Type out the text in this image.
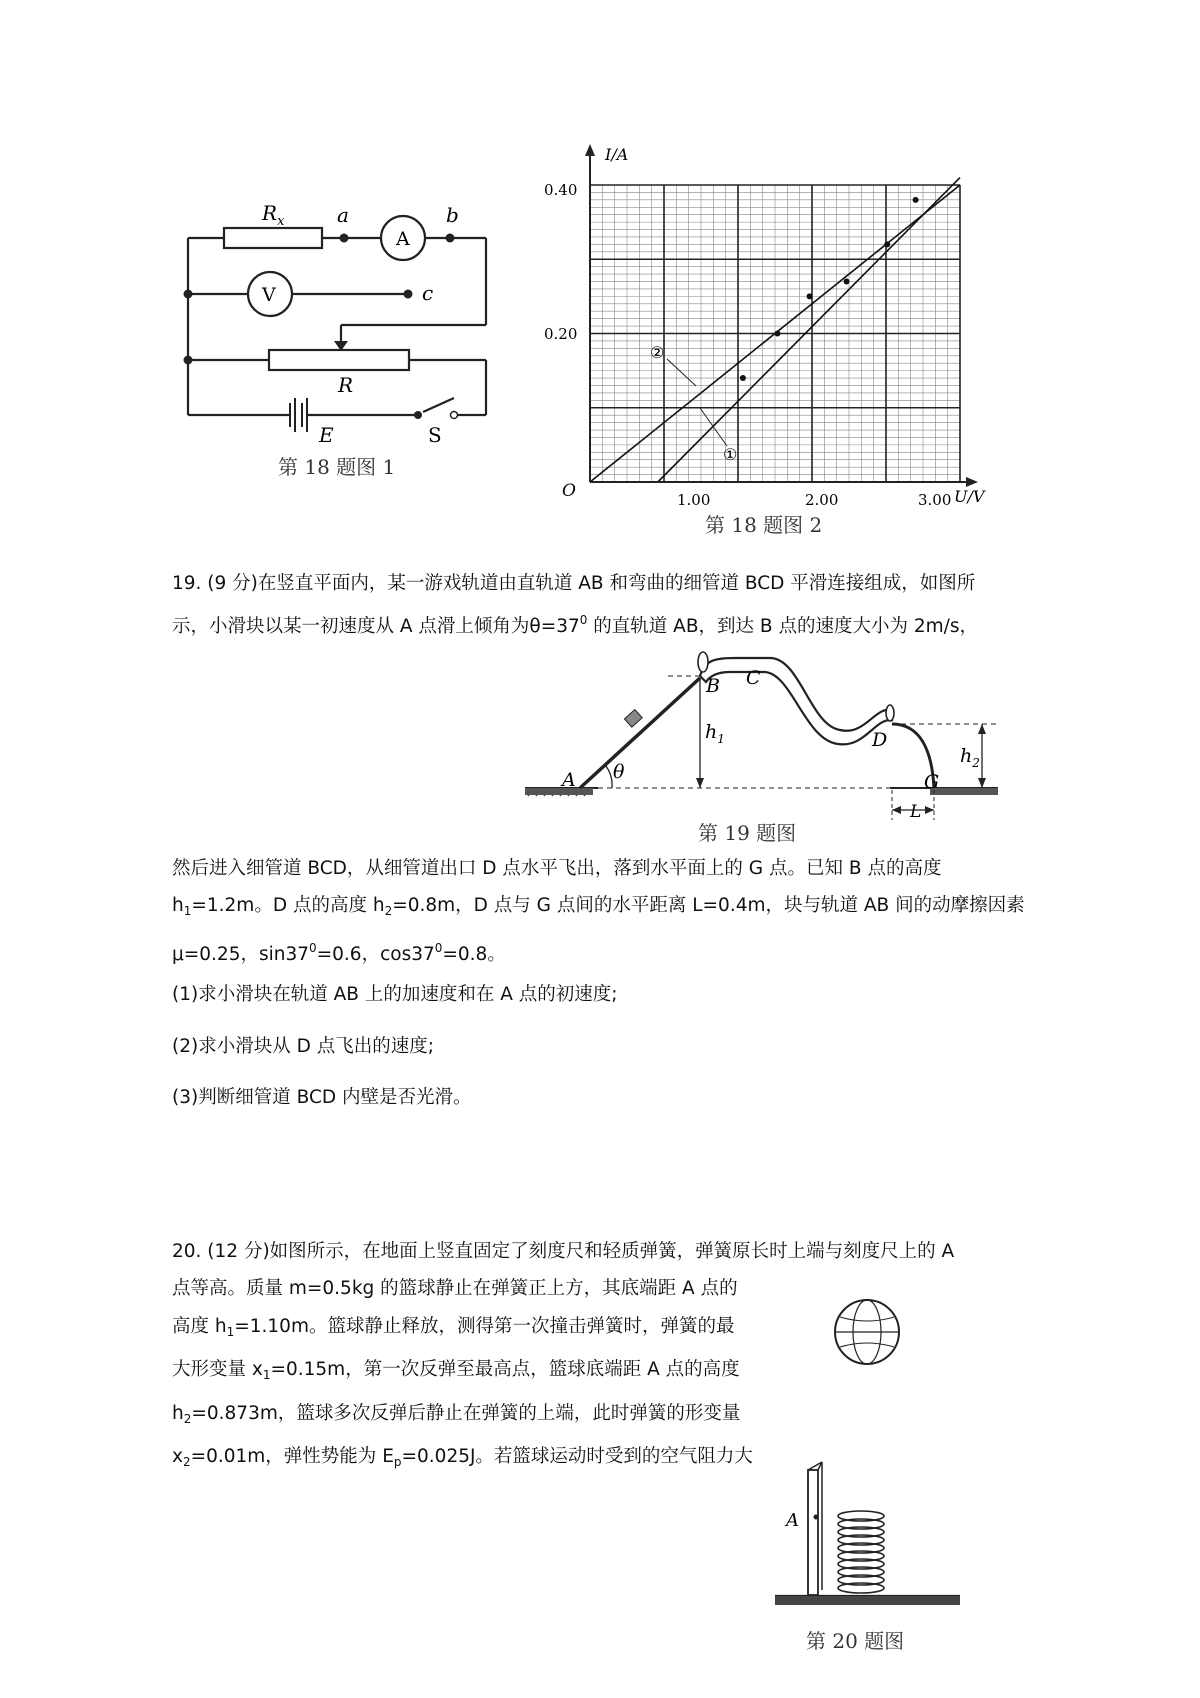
$R_x$	a	b
A
V	c
R
E	S
第 18 题图 1
I/A
U/V
O
0.40
0.20
1.00	2.00	3.00
②
①
第 18 题图 2

19. (9 分)在竖直平面内，某一游戏轨道由直轨道 AB 和弯曲的细管道 BCD 平滑连接组成，如图所

示，小滑块以某一初速度从 A 点滑上倾角为$\theta=37^0$ 的直轨道 AB，到达 B 点的速度大小为 2m/s，

A θ
B C
D
G
$h_1$
$h_2$
L
第 19 题图

然后进入细管道 BCD，从细管道出口 D 点水平飞出，落到水平面上的 G 点。已知 B 点的高度

$h_1=1.2m$。D 点的高度 $h_2=0.8m$，D 点与 G 点间的水平距离 L=0.4m，块与轨道 AB 间的动摩擦因素

μ=0.25，$\sin 37^0=0.6$，$\cos 37^0=0.8$。

(1)求小滑块在轨道 AB 上的加速度和在 A 点的初速度;
(2)求小滑块从 D 点飞出的速度;
(3)判断细管道 BCD 内壁是否光滑。
20. (12 分)如图所示，在地面上竖直固定了刻度尺和轻质弹簧，弹簧原长时上端与刻度尺上的 A
点等高。质量 m=0.5kg 的篮球静止在弹簧正上方，其底端距 A 点的
高度 $h_1=1.10m$。篮球静止释放，测得第一次撞击弹簧时，弹簧的最
大形变量 $x_1=0.15m$，第一次反弹至最高点，篮球底端距 A 点的高度
$h_2=0.873m$，篮球多次反弹后静止在弹簧的上端，此时弹簧的形变量
$x_2=0.01m$，弹性势能为 $E_p=0.025J$。若篮球运动时受到的空气阻力大
A
第 20 题图
